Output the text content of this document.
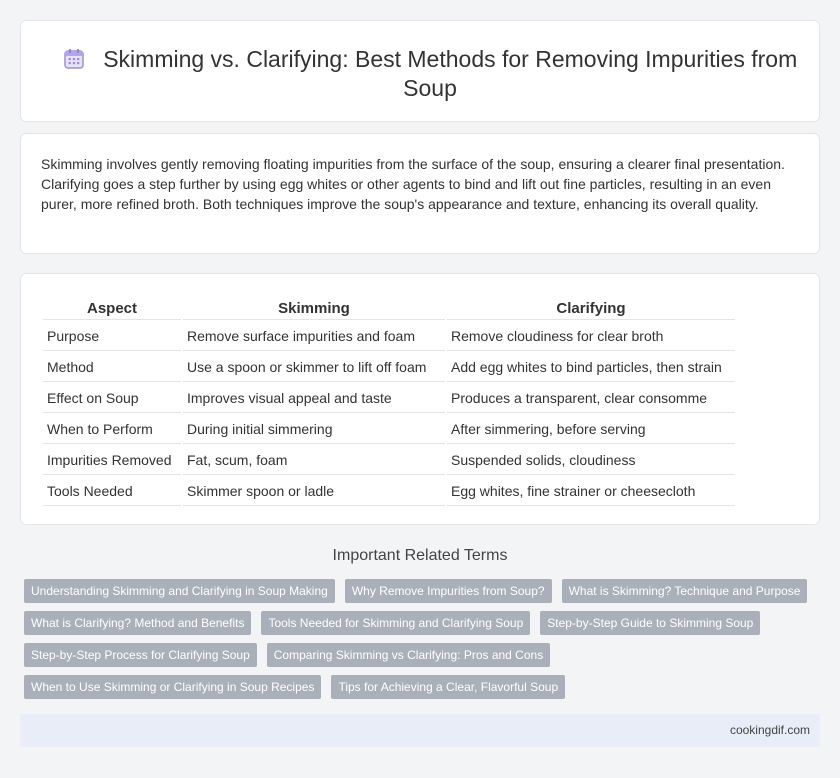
Skimming vs. Clarifying: Best Methods for Removing Impurities from Soup

Skimming involves gently removing floating impurities from the surface of the soup, ensuring a clearer final presentation. Clarifying goes a step further by using egg whites or other agents to bind and lift out fine particles, resulting in an even purer, more refined broth. Both techniques improve the soup's appearance and texture, enhancing its overall quality.

Aspect	Skimming	Clarifying
Purpose	Remove surface impurities and foam	Remove cloudiness for clear broth
Method	Use a spoon or skimmer to lift off foam	Add egg whites to bind particles, then strain
Effect on Soup	Improves visual appeal and taste	Produces a transparent, clear consomme
When to Perform	During initial simmering	After simmering, before serving
Impurities Removed	Fat, scum, foam	Suspended solids, cloudiness
Tools Needed	Skimmer spoon or ladle	Egg whites, fine strainer or cheesecloth
Important Related Terms
Understanding Skimming and Clarifying in Soup Making	Why Remove Impurities from Soup?	What is Skimming? Technique and Purpose
What is Clarifying? Method and Benefits	Tools Needed for Skimming and Clarifying Soup	Step-by-Step Guide to Skimming Soup
Step-by-Step Process for Clarifying Soup	Comparing Skimming vs Clarifying: Pros and Cons
When to Use Skimming or Clarifying in Soup Recipes	Tips for Achieving a Clear, Flavorful Soup
cookingdif.com
